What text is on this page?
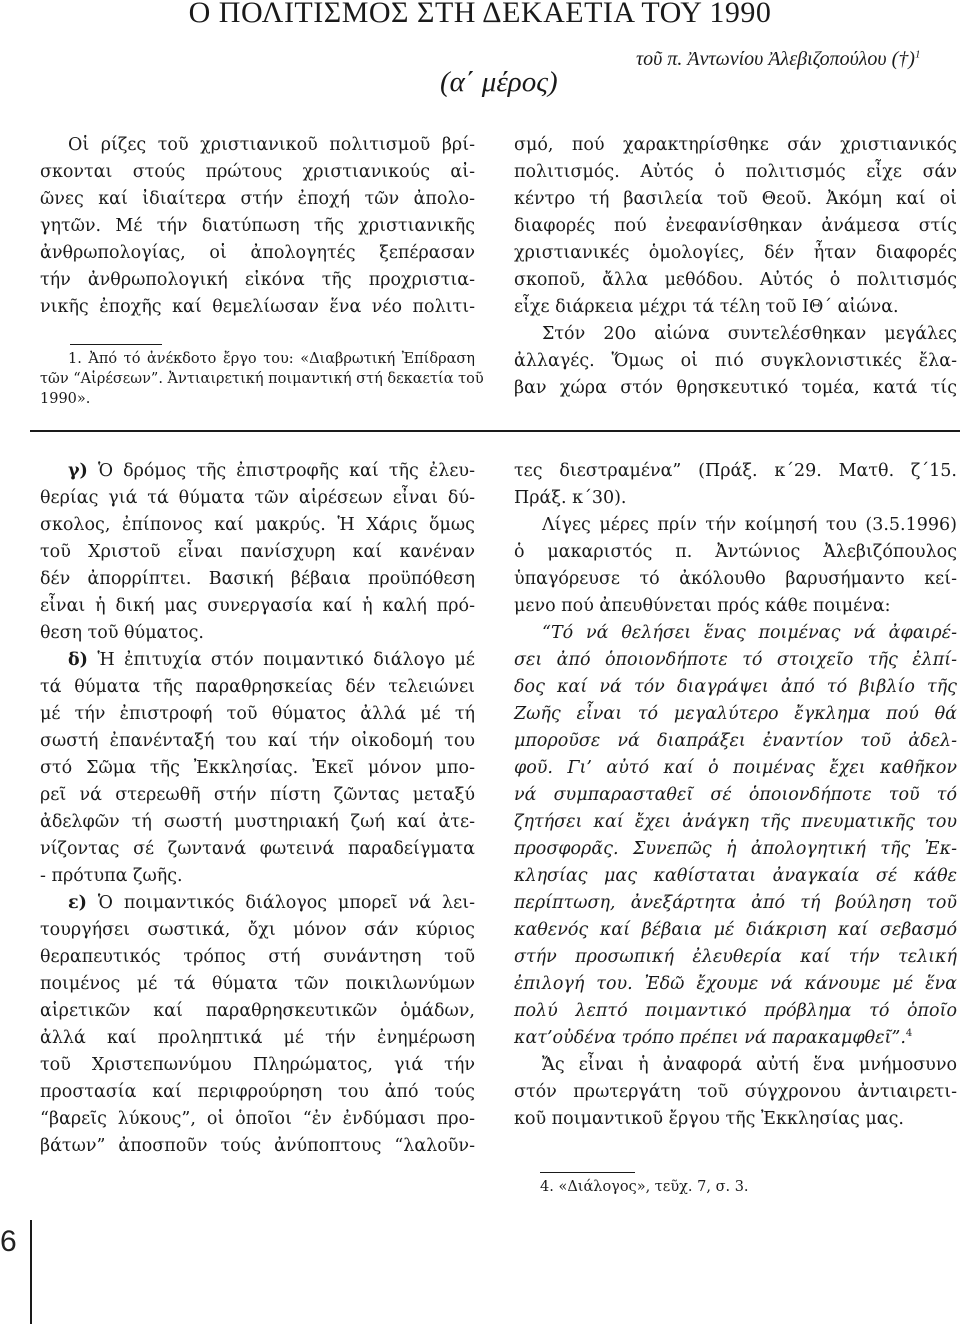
Ο ΠΟΛΙΤΙΣΜΟΣ ΣΤΗ ΔΕΚΑΕΤΙΑ ΤΟΥ 1990
(α΄ μέρος)
τοῦ π. Ἀντωνίου Ἀλεβιζοπούλου (†)$^1$

Οἱ ρίζες τοῦ χριστιανικοῦ πολιτισμοῦ βρί-
σκονται στούς πρώτους χριστιανικούς αἰ-
ῶνες καί ἰδιαίτερα στήν ἐποχή τῶν ἀπολο-
γητῶν. Μέ τήν διατύπωση τῆς χριστιανικῆς
ἀνθρωπολογίας, οἱ ἀπολογητές ξεπέρασαν
τήν ἀνθρωπολογική εἰκόνα τῆς προχριστια-
νικῆς ἐποχῆς καί θεμελίωσαν ἕνα νέο πολιτι-

1. Ἀπό τό ἀνέκδοτο ἔργο του: «Διαβρωτική Ἐπίδραση
τῶν “Αἱρέσεων”. Ἀντιαιρετική ποιμαντική στή δεκαετία τοῦ
1990».
σμό, πού χαρακτηρίσθηκε σάν χριστιανικός
πολιτισμός. Αὐτός ὁ πολιτισμός εἶχε σάν
κέντρο τή βασιλεία τοῦ Θεοῦ. Ἀκόμη καί οἱ
διαφορές πού ἐνεφανίσθηκαν ἀνάμεσα στίς
χριστιανικές ὁμολογίες, δέν ἦταν διαφορές
σκοποῦ, ἄλλα μεθόδου. Αὐτός ὁ πολιτισμός
εἶχε διάρκεια μέχρι τά τέλη τοῦ ΙΘ΄ αἰώνα.
Στόν 20ο αἰώνα συντελέσθηκαν μεγάλες
ἀλλαγές. Ὅμως οἱ πιό συγκλονιστικές ἔλα-
βαν χώρα στόν θρησκευτικό τομέα, κατά τίς
γ) Ὁ δρόμος τῆς ἐπιστροφῆς καί τῆς ἐλευ-
θερίας γιά τά θύματα τῶν αἱρέσεων εἶναι δύ-
σκολος, ἐπίπονος καί μακρύς. Ἡ Χάρις ὅμως
τοῦ Χριστοῦ εἶναι πανίσχυρη καί κανέναν
δέν ἀπορρίπτει. Βασική βέβαια προϋπόθεση
εἶναι ἡ δική μας συνεργασία καί ἡ καλή πρό-
θεση τοῦ θύματος.
δ) Ἡ ἐπιτυχία στόν ποιμαντικό διάλογο μέ
τά θύματα τῆς παραθρησκείας δέν τελειώνει
μέ τήν ἐπιστροφή τοῦ θύματος ἀλλά μέ τή
σωστή ἐπανένταξή του καί τήν οἰκοδομή του
στό Σῶμα τῆς Ἐκκλησίας. Ἐκεῖ μόνον μπο-
ρεῖ νά στερεωθῆ στήν πίστη ζῶντας μεταξύ
ἀδελφῶν τή σωστή μυστηριακή ζωή καί ἀτε-
νίζοντας σέ ζωντανά φωτεινά παραδείγματα
- πρότυπα ζωῆς.
ε) Ὁ ποιμαντικός διάλογος μπορεῖ νά λει-
τουργήσει σωστικά, ὄχι μόνον σάν κύριος
θεραπευτικός τρόπος στή συνάντηση τοῦ
ποιμένος μέ τά θύματα τῶν ποικιλωνύμων
αἱρετικῶν καί παραθρησκευτικῶν ὁμάδων,
ἀλλά καί προληπτικά μέ τήν ἐνημέρωση
τοῦ Χριστεπωνύμου Πληρώματος, γιά τήν
προστασία καί περιφρούρηση του ἀπό τούς
“βαρεῖς λύκους”, οἱ ὁποῖοι “ἐν ἐνδύμασι προ-
βάτων” ἀποσποῦν τούς ἀνύποπτους “λαλοῦν-
τες διεστραμένα” (Πράξ. κ΄29. Ματθ. ζ΄15.
Πράξ. κ΄30).
Λίγες μέρες πρίν τήν κοίμησή του (3.5.1996)
ὁ μακαριστός π. Ἀντώνιος Ἀλεβιζόπουλος
ὑπαγόρευσε τό ἀκόλουθο βαρυσήμαντο κεί-
μενο πού ἀπευθύνεται πρός κάθε ποιμένα:
“Τό νά θελήσει ἕνας ποιμένας νά ἀφαιρέ-
σει ἀπό ὁποιονδήποτε τό στοιχεῖο τῆς ἐλπί-
δος καί νά τόν διαγράψει ἀπό τό βιβλίο τῆς
Ζωῆς εἶναι τό μεγαλύτερο ἔγκλημα πού θά
μποροῦσε νά διαπράξει ἐναντίον τοῦ ἀδελ-
φοῦ. Γι’ αὐτό καί ὁ ποιμένας ἔχει καθῆκον
νά συμπαρασταθεῖ σέ ὁποιονδήποτε τοῦ τό
ζητήσει καί ἔχει ἀνάγκη τῆς πνευματικῆς του
προσφορᾶς. Συνεπῶς ἡ ἀπολογητική τῆς Ἐκ-
κλησίας μας καθίσταται ἀναγκαία σέ κάθε
περίπτωση, ἀνεξάρτητα ἀπό τή βούληση τοῦ
καθενός καί βέβαια μέ διάκριση καί σεβασμό
στήν προσωπική ἐλευθερία καί τήν τελική
ἐπιλογή του. Ἐδῶ ἔχουμε νά κάνουμε μέ ἕνα
πολύ λεπτό ποιμαντικό πρόβλημα τό ὁποῖο
κατ’οὐδένα τρόπο πρέπει νά παρακαμφθεῖ”.$^4$
Ἄς εἶναι ἡ ἀναφορά αὐτή ἕνα μνήμοσυνο
στόν πρωτεργάτη τοῦ σύγχρονου ἀντιαιρετι-
κοῦ ποιμαντικοῦ ἔργου τῆς Ἐκκλησίας μας.
4. «Διάλογος», τεῦχ. 7, σ. 3.
6
